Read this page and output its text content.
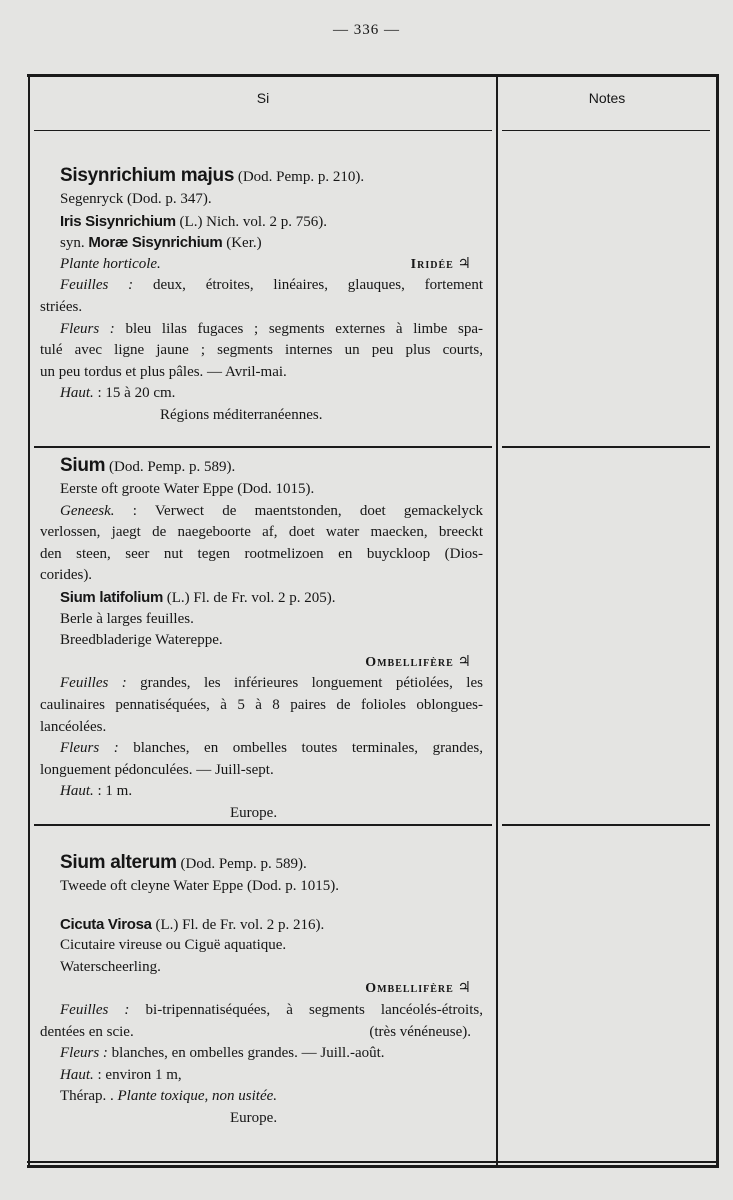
— 336 —
Si	Notes
Sisynrichium majus (Dod. Pemp. p. 210).
Segenryck (Dod. p. 347).
Iris Sisynrichium (L.) Nich. vol. 2 p. 756).
syn. Moræ Sisynrichium (Ker.)
Plante horticole.	Iridée ♃
Feuilles : deux, étroites, linéaires, glauques, fortement
striées.
Fleurs : bleu lilas fugaces ; segments externes à limbe spa-
tulé avec ligne jaune ; segments internes un peu plus courts,
un peu tordus et plus pâles. — Avril-mai.
Haut. : 15 à 20 cm.
Régions méditerranéennes.
Sium (Dod. Pemp. p. 589).
Eerste oft groote Water Eppe (Dod. 1015).
Geneesk. : Verwect de maentstonden, doet gemackelyck
verlossen, jaegt de naegeboorte af, doet water maecken, breeckt
den steen, seer nut tegen rootmelizoen en buyckloop (Dios-
corides).
Sium latifolium (L.) Fl. de Fr. vol. 2 p. 205).
Berle à larges feuilles.
Breedbladerige Watereppe.
Ombellifère ♃
Feuilles : grandes, les inférieures longuement pétiolées, les
caulinaires pennatiséquées, à 5 à 8 paires de folioles oblongues-
lancéolées.
Fleurs : blanches, en ombelles toutes terminales, grandes,
longuement pédonculées. — Juill-sept.
Haut. : 1 m.
Europe.
Sium alterum (Dod. Pemp. p. 589).
Tweede oft cleyne Water Eppe (Dod. p. 1015).
Cicuta Virosa (L.) Fl. de Fr. vol. 2 p. 216).
Cicutaire vireuse ou Ciguë aquatique.
Waterscheerling.
Ombellifère ♃
Feuilles : bi-tripennatiséquées, à segments lancéolés-étroits,
dentées en scie.	(très vénéneuse).
Fleurs : blanches, en ombelles grandes. — Juill.-août.
Haut. : environ 1 m,
Thérap. . Plante toxique, non usitée.
Europe.
